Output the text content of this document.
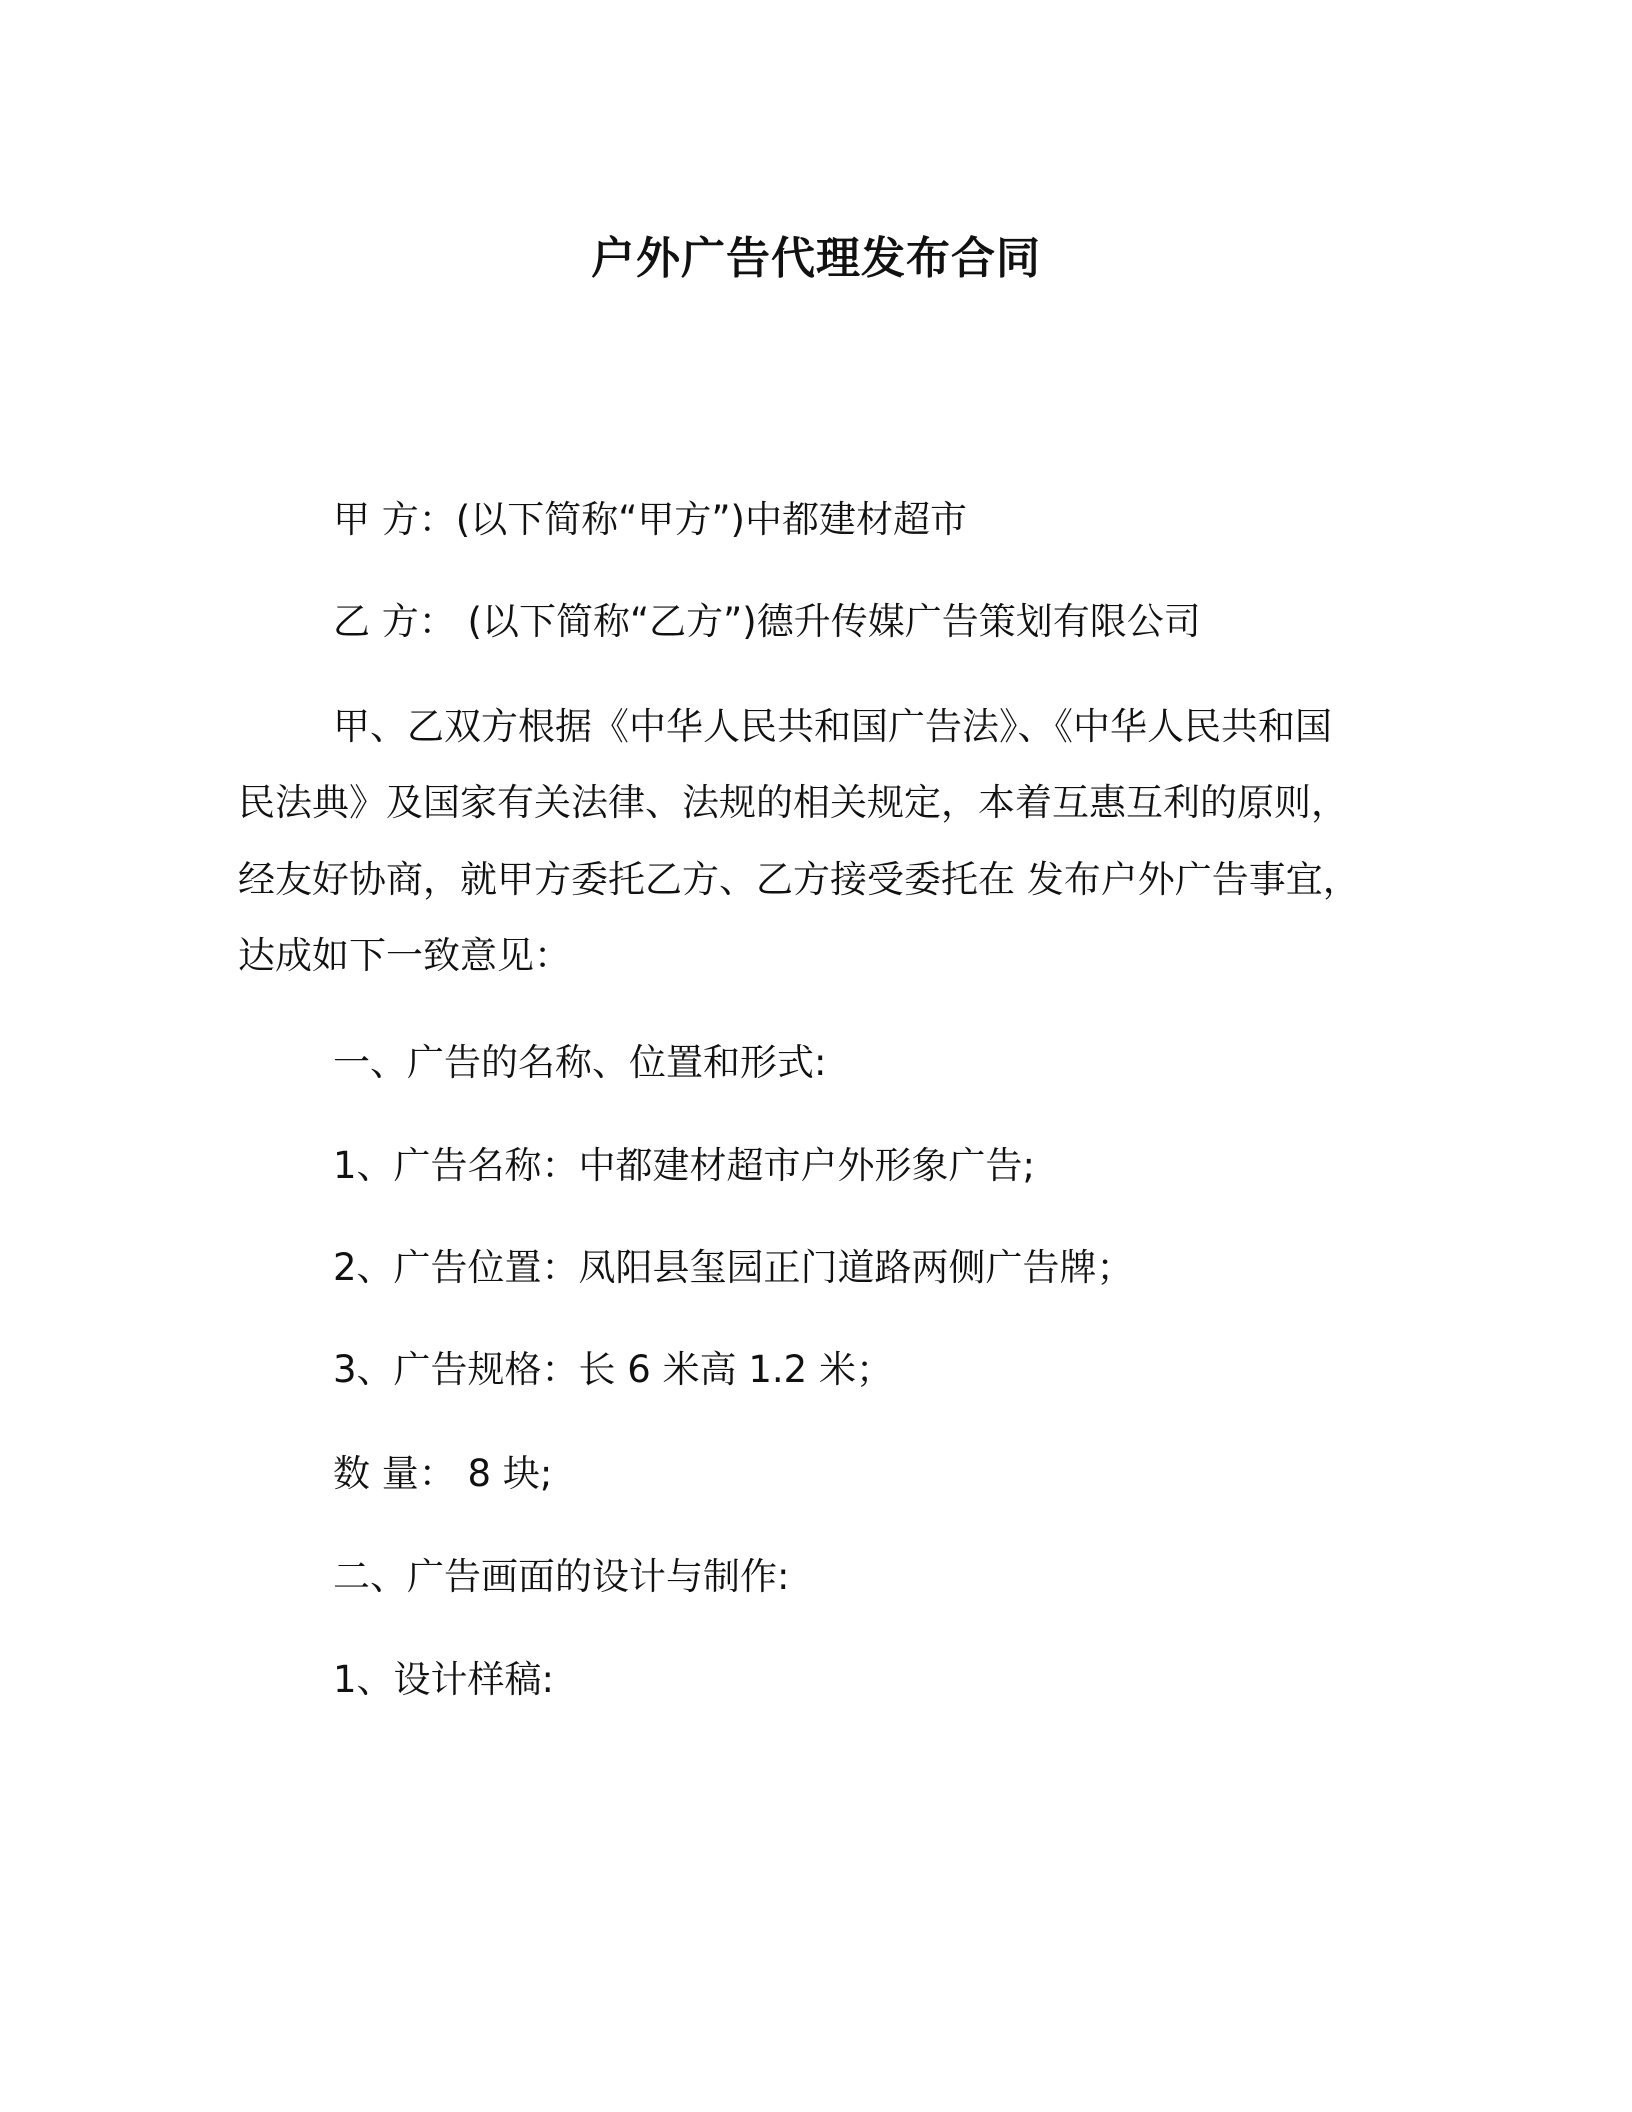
户外广告代理发布合同
甲 方：(以下简称“甲方”)中都建材超市
乙 方： (以下简称“乙方”)德升传媒广告策划有限公司
甲、乙双方根据《中华人民共和国广告法》、《中华人民共和国
民法典》及国家有关法律、法规的相关规定，本着互惠互利的原则，
经友好协商，就甲方委托乙方、乙方接受委托在 发布户外广告事宜，
达成如下一致意见：
一、广告的名称、位置和形式:
1、广告名称：中都建材超市户外形象广告;
2、广告位置：凤阳县玺园正门道路两侧广告牌；
3、广告规格：长 6 米高 1.2 米；
数 量： 8 块;
二、广告画面的设计与制作:
1、设计样稿:
